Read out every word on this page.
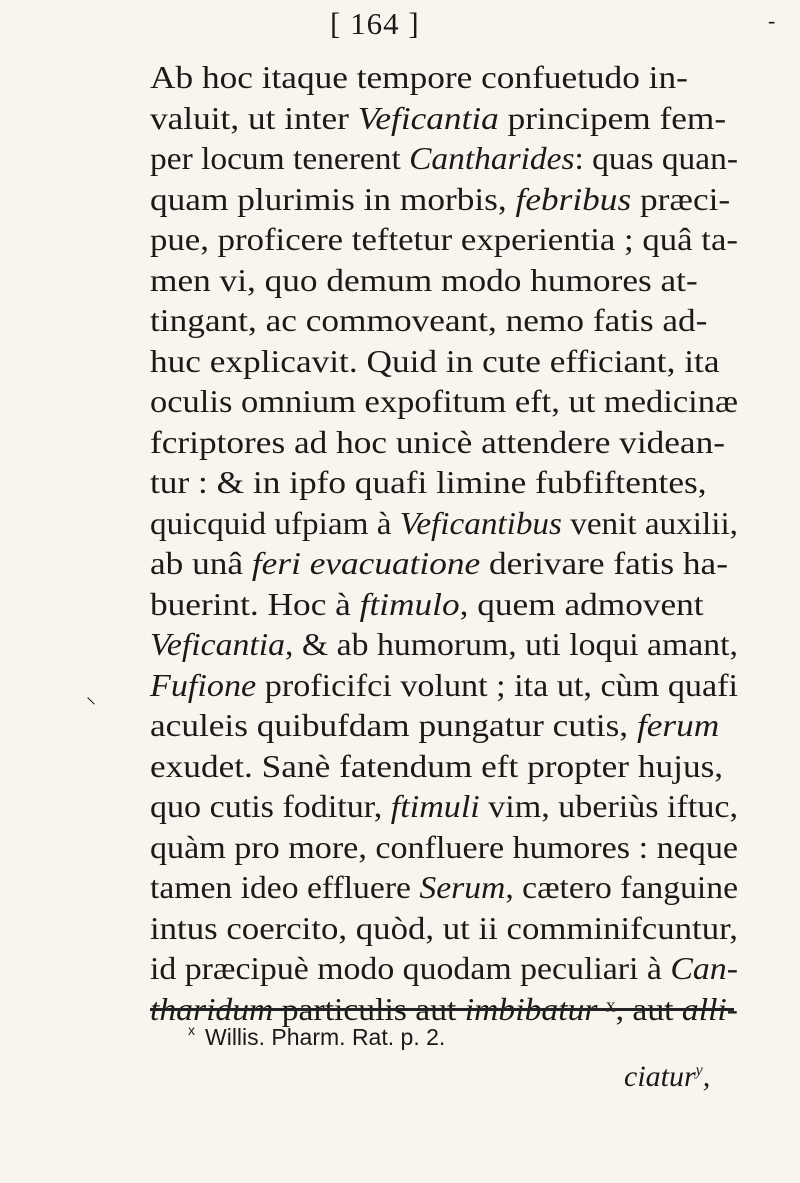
[ 164 ]	-
Ab hoc itaque tempore confuetudo in-
valuit, ut inter Veficantia principem fem-
per locum tenerent Cantharides: quas quan-
quam plurimis in morbis, febribus præci-
pue, proficere teftetur experientia ; quâ ta-
men vi, quo demum modo humores at-
tingant, ac commoveant, nemo fatis ad-
huc explicavit. Quid in cute efficiant, ita
oculis omnium expofitum eft, ut medicinæ
fcriptores ad hoc unicè attendere videan-
tur : & in ipfo quafi limine fubfiftentes,
quicquid ufpiam à Veficantibus venit auxilii,
ab unâ feri evacuatione derivare fatis ha-
buerint. Hoc à ftimulo, quem admovent
Veficantia, & ab humorum, uti loqui amant,
Fufione proficifci volunt ; ita ut, cùm quafi
aculeis quibufdam pungatur cutis, ferum
exudet. Sanè fatendum eft propter hujus,
quo cutis foditur, ftimuli vim, uberiùs iftuc,
quàm pro more, confluere humores : neque
tamen ideo effluere Serum, cætero fanguine
intus coercito, quòd, ut ii comminifcuntur,
id præcipuè modo quodam peculiari à Can-
tharidum particulis aut imbibatur ˣ, aut alli-
⸜
$^x$ Willis. Pharm. Rat. p. 2.
ciatur$^y$,
